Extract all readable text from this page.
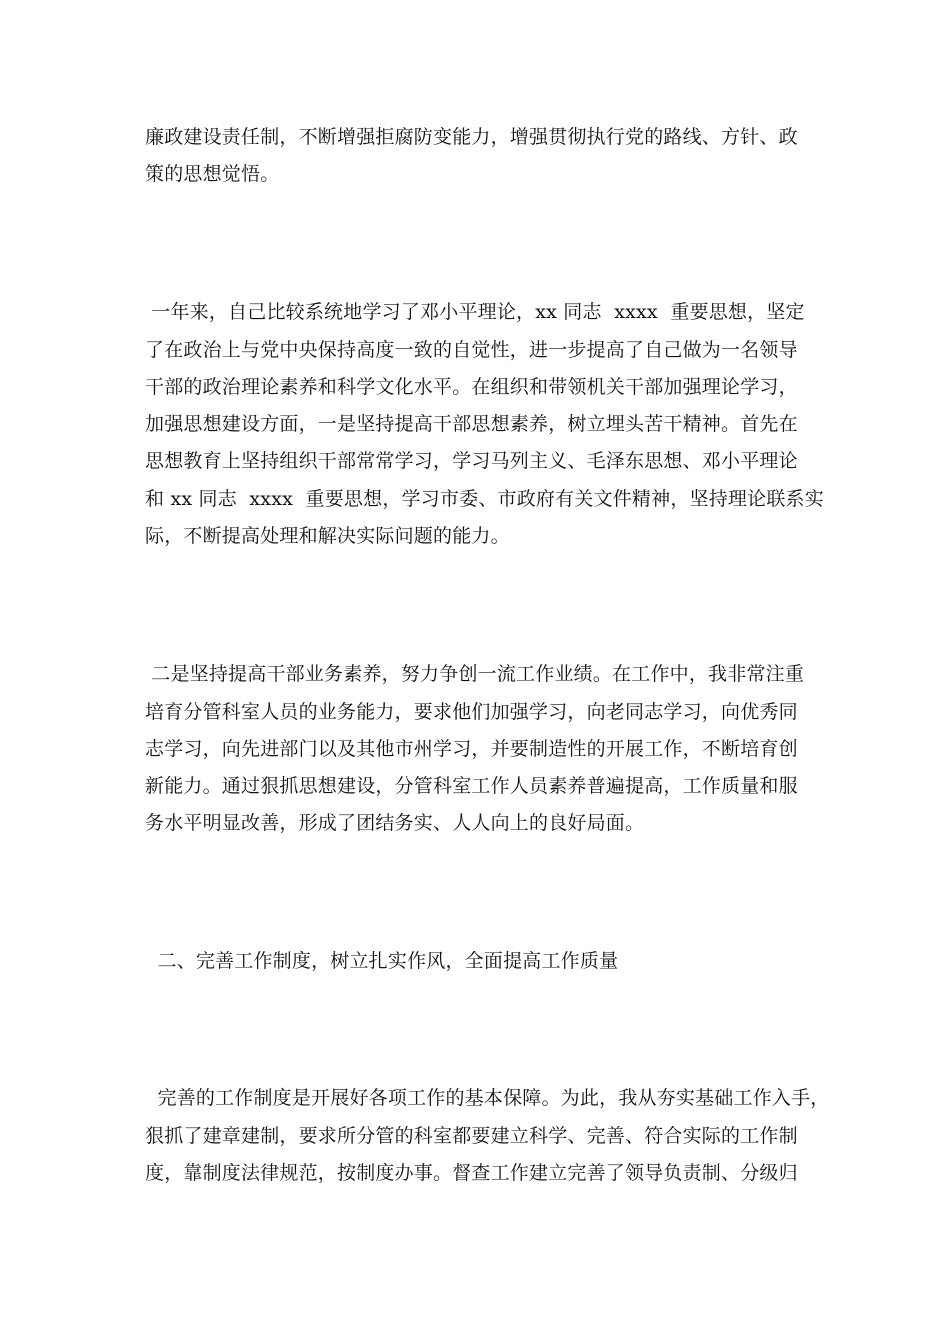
廉政建设责任制，不断增强拒腐防变能力，增强贯彻执行党的路线、方针、政
策的思想觉悟。
一年来，自己比较系统地学习了邓小平理论，xx 同志  xxxx  重要思想，坚定
了在政治上与党中央保持高度一致的自觉性，进一步提高了自己做为一名领导
干部的政治理论素养和科学文化水平。在组织和带领机关干部加强理论学习，
加强思想建设方面，一是坚持提高干部思想素养，树立埋头苦干精神。首先在
思想教育上坚持组织干部常常学习，学习马列主义、毛泽东思想、邓小平理论
和 xx 同志  xxxx  重要思想，学习市委、市政府有关文件精神，坚持理论联系实
际，不断提高处理和解决实际问题的能力。
二是坚持提高干部业务素养，努力争创一流工作业绩。在工作中，我非常注重
培育分管科室人员的业务能力，要求他们加强学习，向老同志学习，向优秀同
志学习，向先进部门以及其他市州学习，并要制造性的开展工作，不断培育创
新能力。通过狠抓思想建设，分管科室工作人员素养普遍提高，工作质量和服
务水平明显改善，形成了团结务实、人人向上的良好局面。
二、完善工作制度，树立扎实作风，全面提高工作质量
完善的工作制度是开展好各项工作的基本保障。为此，我从夯实基础工作入手，
狠抓了建章建制，要求所分管的科室都要建立科学、完善、符合实际的工作制
度，靠制度法律规范，按制度办事。督查工作建立完善了领导负责制、分级归
